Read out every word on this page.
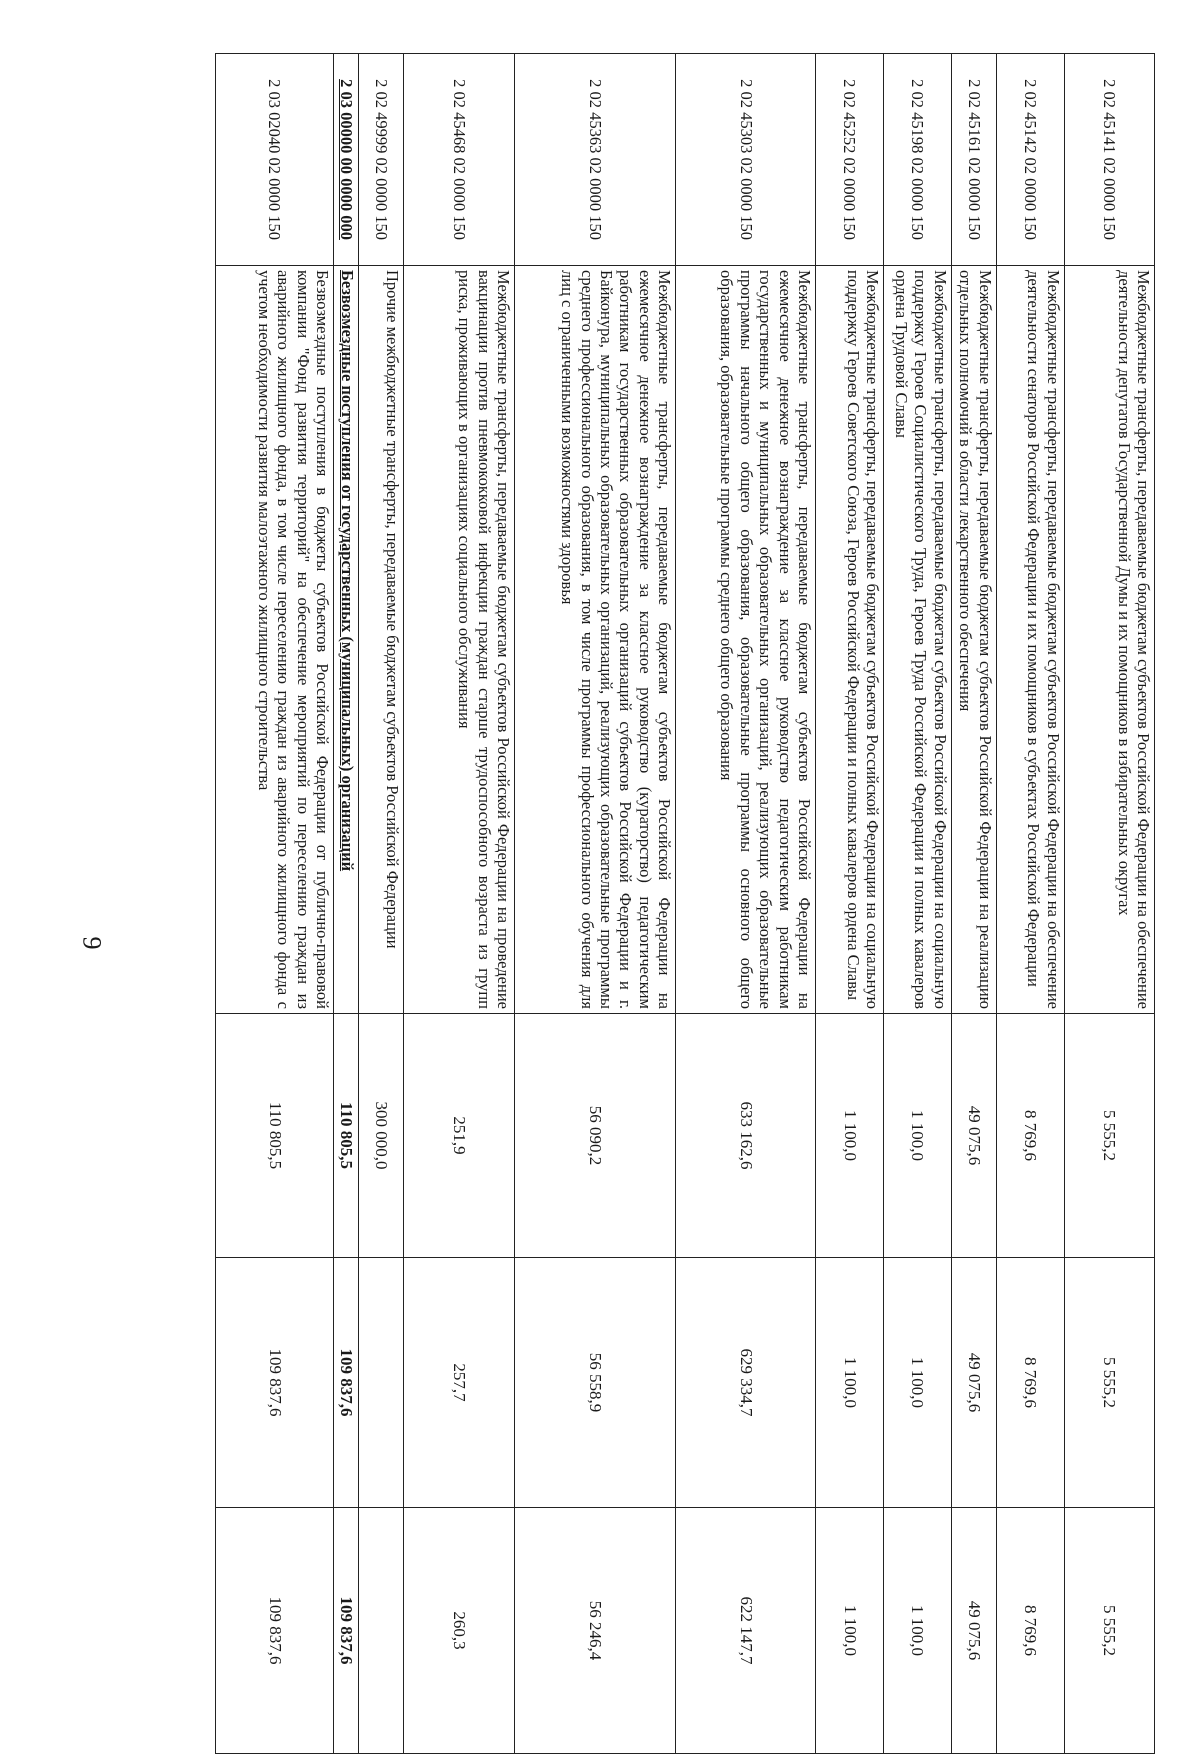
9
2 02 45141 02 0000 150	Межбюджетные трансферты, передаваемые бюджетам субъектов Российской Федерации на обеспечение деятельности депутатов Государственной Думы и их помощников в избирательных округах	5 555,2	5 555,2	5 555,2
2 02 45142 02 0000 150	Межбюджетные трансферты, передаваемые бюджетам субъектов Российской Федерации на обеспечение деятельности сенаторов Российской Федерации и их помощников в субъектах Российской Федерации	8 769,6	8 769,6	8 769,6
2 02 45161 02 0000 150	Межбюджетные трансферты, передаваемые бюджетам субъектов Российской Федерации на реализацию отдельных полномочий в области лекарственного обеспечения	49 075,6	49 075,6	49 075,6
2 02 45198 02 0000 150	Межбюджетные трансферты, передаваемые бюджетам субъектов Российской Федерации на социальную поддержку Героев Социалистического Труда, Героев Труда Российской Федерации и полных кавалеров ордена Трудовой Славы	1 100,0	1 100,0	1 100,0
2 02 45252 02 0000 150	Межбюджетные трансферты, передаваемые бюджетам субъектов Российской Федерации на социальную поддержку Героев Советского Союза, Героев Российской Федерации и полных кавалеров ордена Славы	1 100,0	1 100,0	1 100,0
2 02 45303 02 0000 150	Межбюджетные трансферты, передаваемые бюджетам субъектов Российской Федерации на ежемесячное денежное вознаграждение за классное руководство педагогическим работникам государственных и муниципальных образовательных организаций, реализующих образовательные программы начального общего образования, образовательные программы основного общего образования, образовательные программы среднего общего образования	633 162,6	629 334,7	622 147,7
2 02 45363 02 0000 150	Межбюджетные трансферты, передаваемые бюджетам субъектов Российской Федерации на ежемесячное денежное вознаграждение за классное руководство (кураторство) педагогическим работникам государственных образовательных организаций субъектов Российской Федерации и г. Байконура, муниципальных образовательных организаций, реализующих образовательные программы среднего профессионального образования, в том числе программы профессионального обучения для лиц с ограниченными возможностями здоровья	56 090,2	56 558,9	56 246,4
2 02 45468 02 0000 150	Межбюджетные трансферты, передаваемые бюджетам субъектов Российской Федерации на проведение вакцинации против пневмококковой инфекции граждан старше трудоспособного возраста из групп риска, проживающих в организациях социального обслуживания	251,9	257,7	260,3
2 02 49999 02 0000 150	Прочие межбюджетные трансферты, передаваемые бюджетам субъектов Российской Федерации	300 000,0		
2 03 00000 00 0000 000	Безвозмездные поступления от государственных (муниципальных) организаций	110 805,5	109 837,6	109 837,6
2 03 02040 02 0000 150	Безвозмездные поступления в бюджеты субъектов Российской Федерации от публично-правовой компании "Фонд развития территорий" на обеспечение мероприятий по переселению граждан из аварийного жилищного фонда, в том числе переселению граждан из аварийного жилищного фонда с учетом необходимости развития малоэтажного жилищного строительства	110 805,5	109 837,6	109 837,6
